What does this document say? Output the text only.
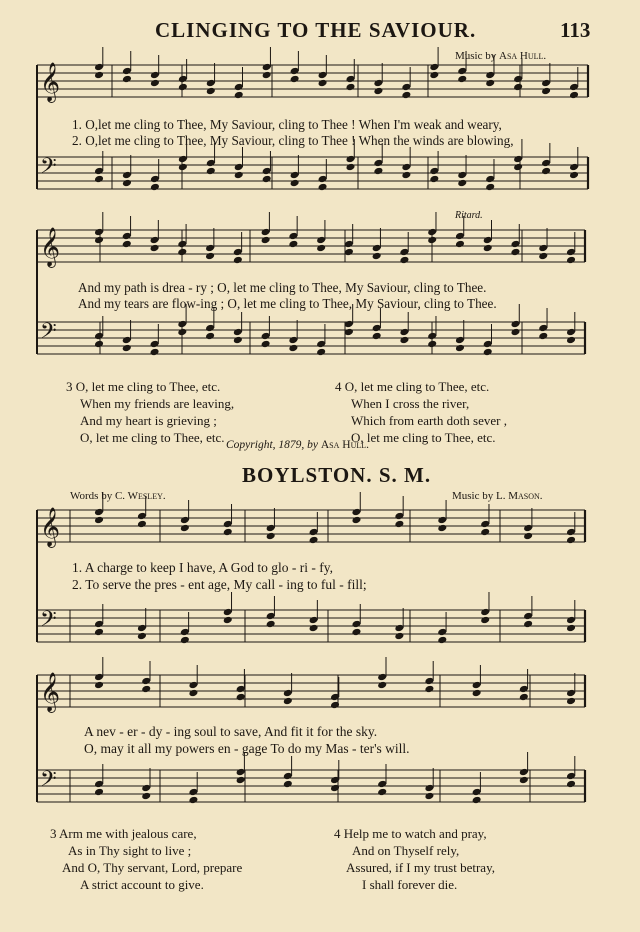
𝄞
𝄢
𝄞
𝄢
𝄞
𝄢
𝄞
𝄢
CLINGING TO THE SAVIOUR.	113
Music by Asa Hull.
1. O,let me cling to Thee, My Saviour, cling to Thee ! When I'm weak and weary,
2. O,let me cling to Thee, My Saviour, cling to Thee ! When the winds are blowing,
Ritard.
And my path is drea - ry ; O, let me cling to Thee, My Saviour, cling to Thee.
And my tears are flow-ing ; O, let me cling to Thee, My Saviour, cling to Thee.
3 O, let me cling to Thee, etc.
When my friends are leaving,
And my heart is grieving ;
O, let me cling to Thee, etc.
4 O, let me cling to Thee, etc.
When I cross the river,
Which from earth doth sever ,
O, let me cling to Thee, etc.
Copyright, 1879, by Asa Hull.
BOYLSTON. S. M.
Words by C. Wesley.	Music by L. Mason.
1. A charge to keep I have, A God to glo - ri - fy,
2. To serve the pres - ent age, My call - ing to ful - fill;
A nev - er - dy - ing soul to save, And fit it for the sky.
O, may it all my powers en - gage To do my Mas - ter's will.
3 Arm me with jealous care,
As in Thy sight to live ;
And O, Thy servant, Lord, prepare
A strict account to give.
4 Help me to watch and pray,
And on Thyself rely,
Assured, if I my trust betray,
I shall forever die.
